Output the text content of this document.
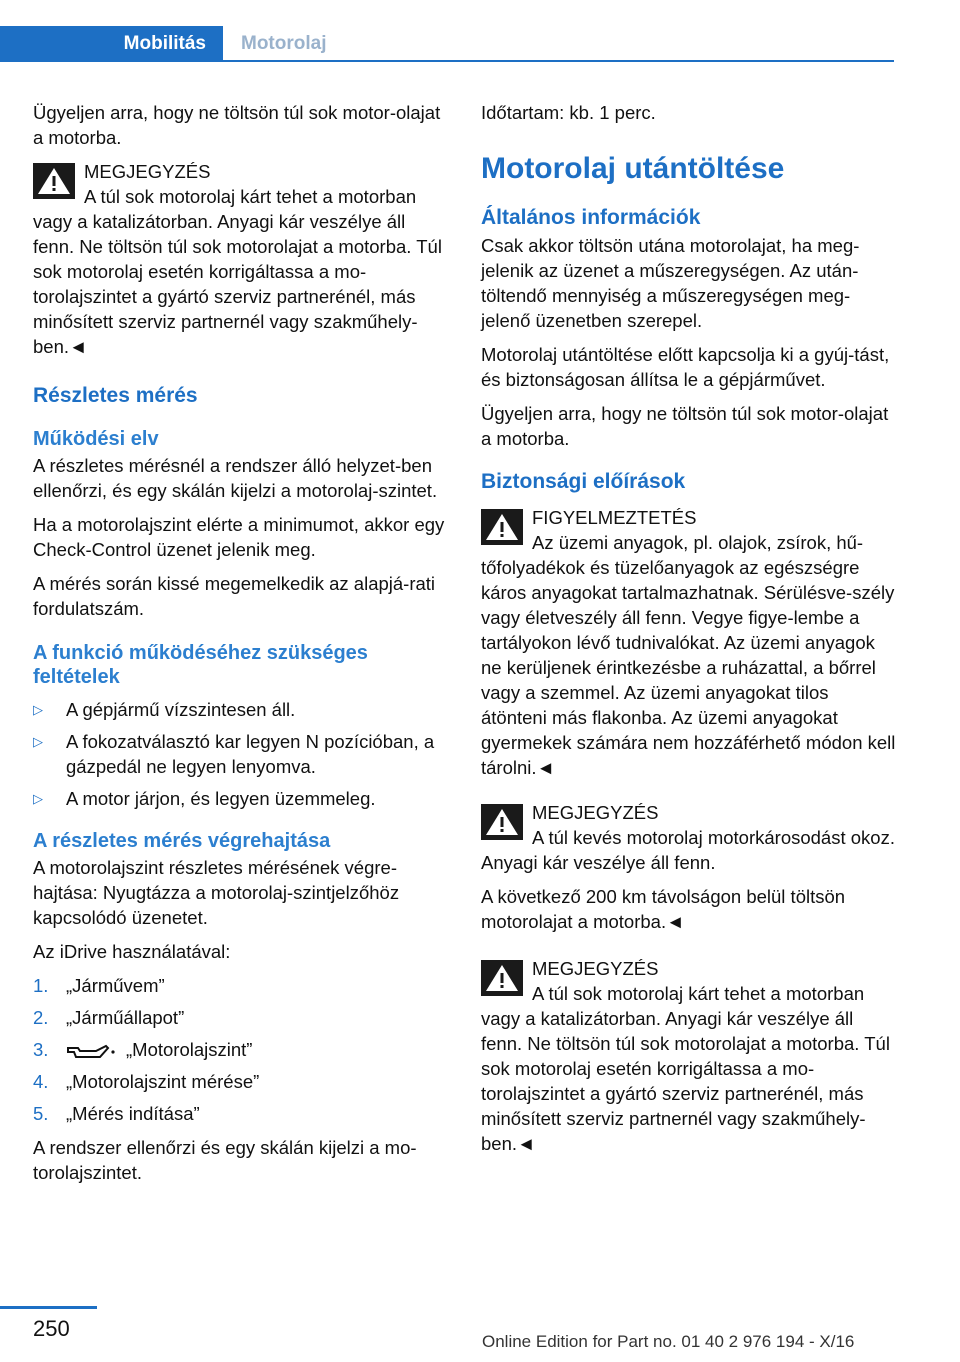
Mobilitás	Motorolaj

Ügyeljen arra, hogy ne töltsön túl sok motor-olajat a motorba.

MEGJEGYZÉS
A túl sok motorolaj kárt tehet a motorban vagy a katalizátorban. Anyagi kár veszélye áll fenn. Ne töltsön túl sok motorolajat a motorba. Túl sok motorolaj esetén korrigáltassa a mo-torolajszintet a gyártó szerviz partnerénél, más minősített szerviz partnernél vagy szakműhely-ben.◄
Részletes mérés
Működési elv

A részletes mérésnél a rendszer álló helyzet-ben ellenőrzi, és egy skálán kijelzi a motorolaj-szintet.

Ha a motorolajszint elérte a minimumot, akkor egy Check-Control üzenet jelenik meg.

A mérés során kissé megemelkedik az alapjá-rati fordulatszám.

A funkció működéséhez szükséges feltételek
▷ A gépjármű vízszintesen áll.
▷ A fokozatválasztó kar legyen N pozícióban, a gázpedál ne legyen lenyomva.
▷ A motor járjon, és legyen üzemmeleg.
A részletes mérés végrehajtása

A motorolajszint részletes mérésének végre-hajtása: Nyugtázza a motorolaj-szintjelzőhöz kapcsolódó üzenetet.

Az iDrive használatával:

1. „Járművem”
2. „Járműállapot”
3.	„Motorolajszint”
4. „Motorolajszint mérése”
5. „Mérés indítása”

A rendszer ellenőrzi és egy skálán kijelzi a mo-torolajszintet.

Időtartam: kb. 1 perc.

Motorolaj utántöltése
Általános információk

Csak akkor töltsön utána motorolajat, ha meg-jelenik az üzenet a műszeregységen. Az után-töltendő mennyiség a műszeregységen meg-jelenő üzenetben szerepel.

Motorolaj utántöltése előtt kapcsolja ki a gyúj-tást, és biztonságosan állítsa le a gépjárművet.

Ügyeljen arra, hogy ne töltsön túl sok motor-olajat a motorba.

Biztonsági előírások
FIGYELMEZTETÉS
Az üzemi anyagok, pl. olajok, zsírok, hű-tőfolyadékok és tüzelőanyagok az egészségre káros anyagokat tartalmazhatnak. Sérülésve-szély vagy életveszély áll fenn. Vegye figye-lembe a tartályokon lévő tudnivalókat. Az üzemi anyagok ne kerüljenek érintkezésbe a ruházattal, a bőrrel vagy a szemmel. Az üzemi anyagokat tilos átönteni más flakonba. Az üzemi anyagokat gyermekek számára nem hozzáférhető módon kell tárolni.◄
MEGJEGYZÉS

A túl kevés motorolaj motorkárosodást okoz. Anyagi kár veszélye áll fenn.

A következő 200 km távolságon belül töltsön motorolajat a motorba.◄

MEGJEGYZÉS
A túl sok motorolaj kárt tehet a motorban vagy a katalizátorban. Anyagi kár veszélye áll fenn. Ne töltsön túl sok motorolajat a motorba. Túl sok motorolaj esetén korrigáltassa a mo-torolajszintet a gyártó szerviz partnerénél, más minősített szerviz partnernél vagy szakműhely-ben.◄
250
Online Edition for Part no. 01 40 2 976 194 - X/16
